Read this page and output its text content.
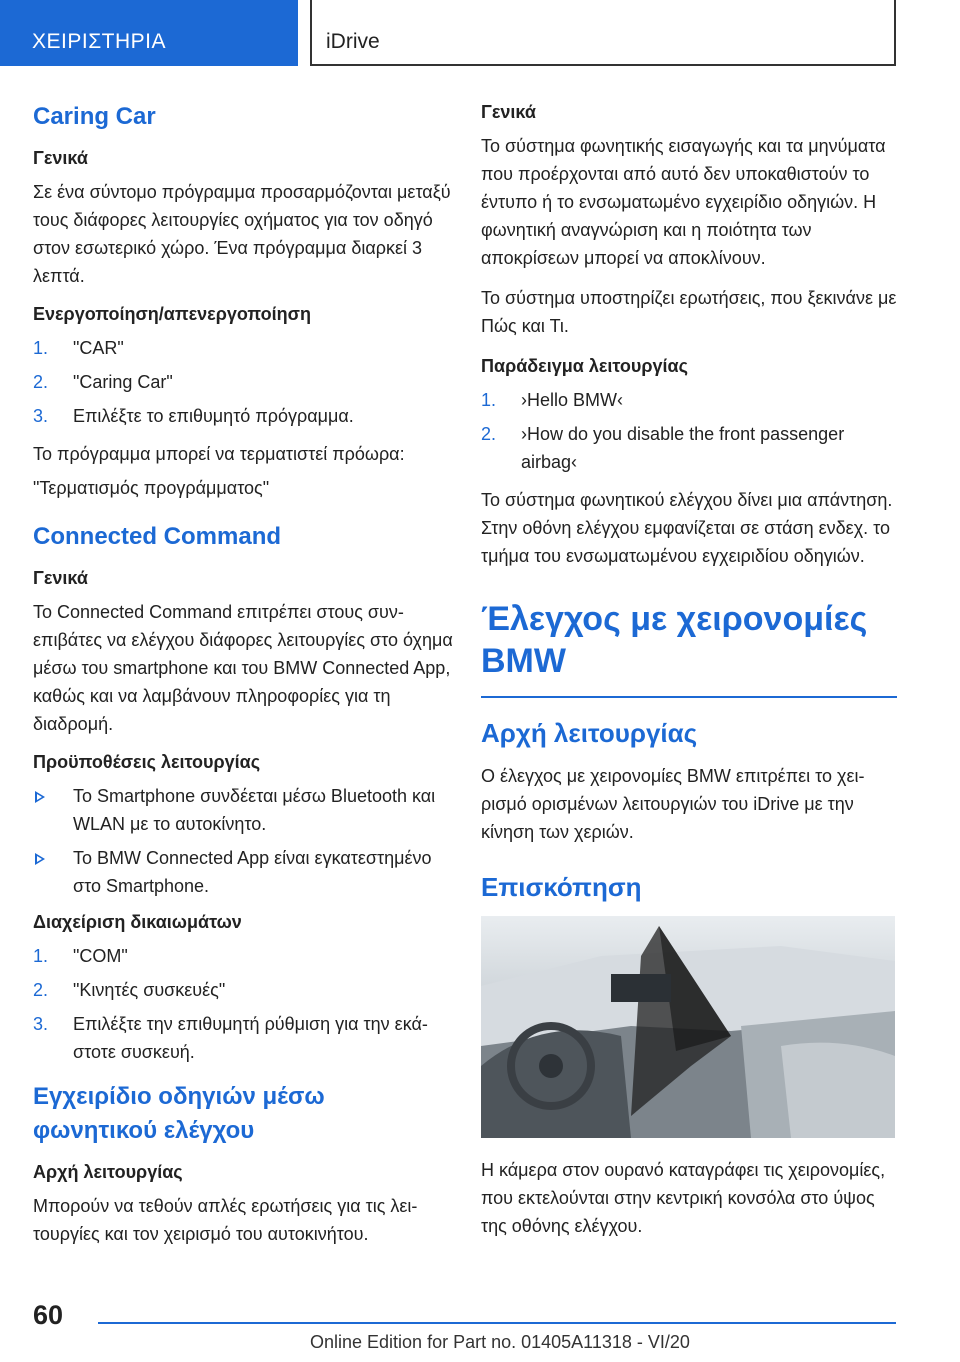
ΧΕΙΡΙΣΤΗΡΙΑ	iDrive
Caring Car
Γενικά

Σε ένα σύντομο πρόγραμμα προσαρμόζονται μεταξύ τους διάφορες λειτουργίες οχήματος για τον οδηγό στον εσωτερικό χώρο. Ένα πρόγραμμα διαρκεί 3 λεπτά.

Ενεργοποίηση/απενεργοποίηση
1. "CAR"
2. "Caring Car"
3. Επιλέξτε το επιθυμητό πρόγραμμα.

Το πρόγραμμα μπορεί να τερματιστεί πρόωρα:

"Τερματισμός προγράμματος"

Connected Command
Γενικά

Το Connected Command επιτρέπει στους συνεπιβάτες να ελέγχου διάφορες λειτουργίες στο όχημα μέσω του smartphone και του BMW Connected App, καθώς και να λαμβάνουν πληροφορίες για τη διαδρομή.

Προϋποθέσεις λειτουργίας
Το Smartphone συνδέεται μέσω Bluetooth και WLAN με το αυτοκίνητο.
Το BMW Connected App είναι εγκατεστημένο στο Smartphone.
Διαχείριση δικαιωμάτων
1. "COM"
2. "Κινητές συσκευές"
3. Επιλέξτε την επιθυμητή ρύθμιση για την εκάστοτε συσκευή.
Εγχειρίδιο οδηγιών μέσω φωνητικού ελέγχου
Αρχή λειτουργίας

Μπορούν να τεθούν απλές ερωτήσεις για τις λειτουργίες και τον χειρισμό του αυτοκινήτου.

Γενικά

Το σύστημα φωνητικής εισαγωγής και τα μηνύματα που προέρχονται από αυτό δεν υποκαθιστούν το έντυπο ή το ενσωματωμένο εγχειρίδιο οδηγιών. Η φωνητική αναγνώριση και η ποιότητα των αποκρίσεων μπορεί να αποκλίνουν.

Το σύστημα υποστηρίζει ερωτήσεις, που ξεκινάνε με Πώς και Τι.

Παράδειγμα λειτουργίας
1. ›Hello BMW‹
2. ›How do you disable the front passenger airbag‹

Το σύστημα φωνητικού ελέγχου δίνει μια απάντηση. Στην οθόνη ελέγχου εμφανίζεται σε στάση ενδεχ. το τμήμα του ενσωματωμένου εγχειριδίου οδηγιών.

Έλεγχος με χειρονομίες BMW
Αρχή λειτουργίας

Ο έλεγχος με χειρονομίες BMW επιτρέπει το χειρισμό ορισμένων λειτουργιών του iDrive με την κίνηση των χεριών.

Επισκόπηση

Η κάμερα στον ουρανό καταγράφει τις χειρονομίες, που εκτελούνται στην κεντρική κονσόλα στο ύψος της οθόνης ελέγχου.

60
Online Edition for Part no. 01405A11318 - VI/20
